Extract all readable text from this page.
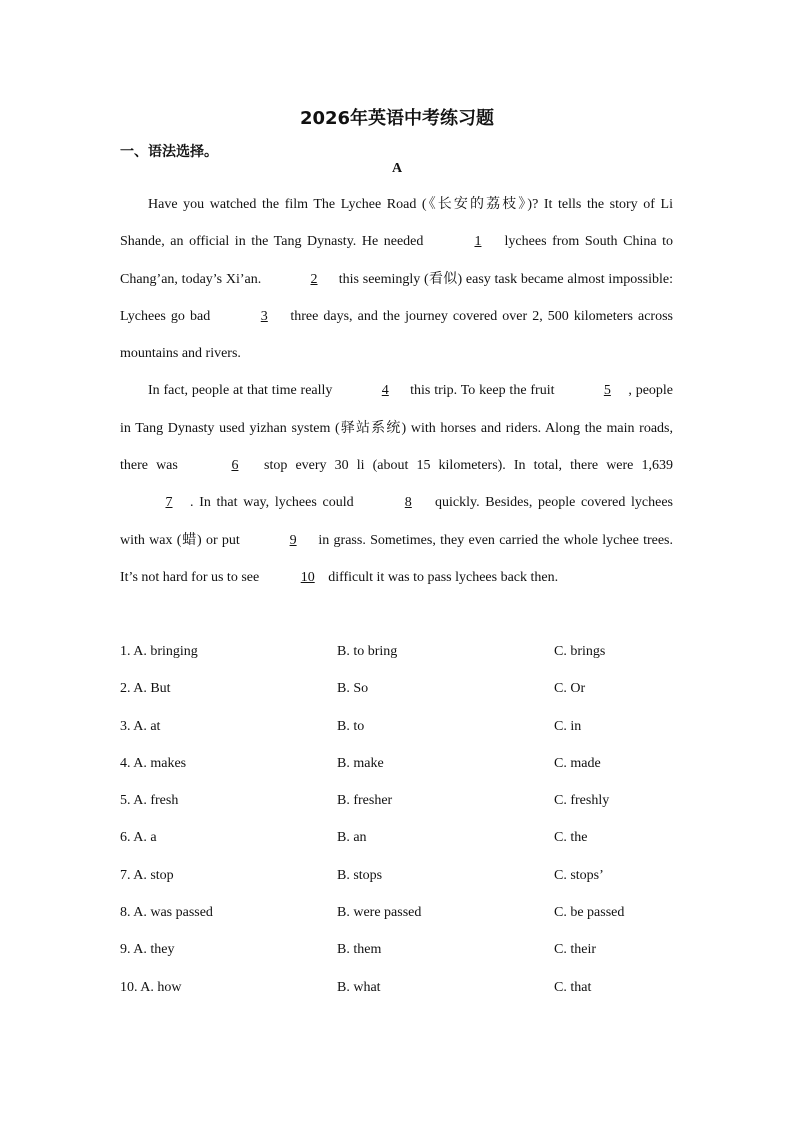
2026年英语中考练习题
一、语法选择。
A

Have you watched the film The Lychee Road (《长安的荔枝》)? It tells the story of Li Shande, an official in the Tang Dynasty. He needed	1 lychees from South China to Chang’an, today’s Xi’an.	2 this seemingly (看似) easy task became almost impossible: Lychees go bad	3 three days, and the journey covered over 2, 500 kilometers across mountains and rivers.

In fact, people at that time really	4 this trip. To keep the fruit	5 , people in Tang Dynasty used yizhan system (驿站系统) with horses and riders. Along the main roads, there was	6 stop every 30 li (about 15 kilometers). In total, there were 1,639 7 . In that way, lychees could	8 quickly. Besides, people covered lychees with wax (蜡) or put	9 in grass. Sometimes, they even carried the whole lychee trees. It’s not hard for us to see	10 difficult it was to pass lychees back then.

1. A. bringing	B. to bring	C. brings
2. A. But	B. So	C. Or
3. A. at	B. to	C. in
4. A. makes	B. make	C. made
5. A. fresh	B. fresher	C. freshly
6. A. a	B. an	C. the
7. A. stop	B. stops	C. stops’
8. A. was passed	B. were passed	C. be passed
9. A. they	B. them	C. their
10. A. how	B. what	C. that
